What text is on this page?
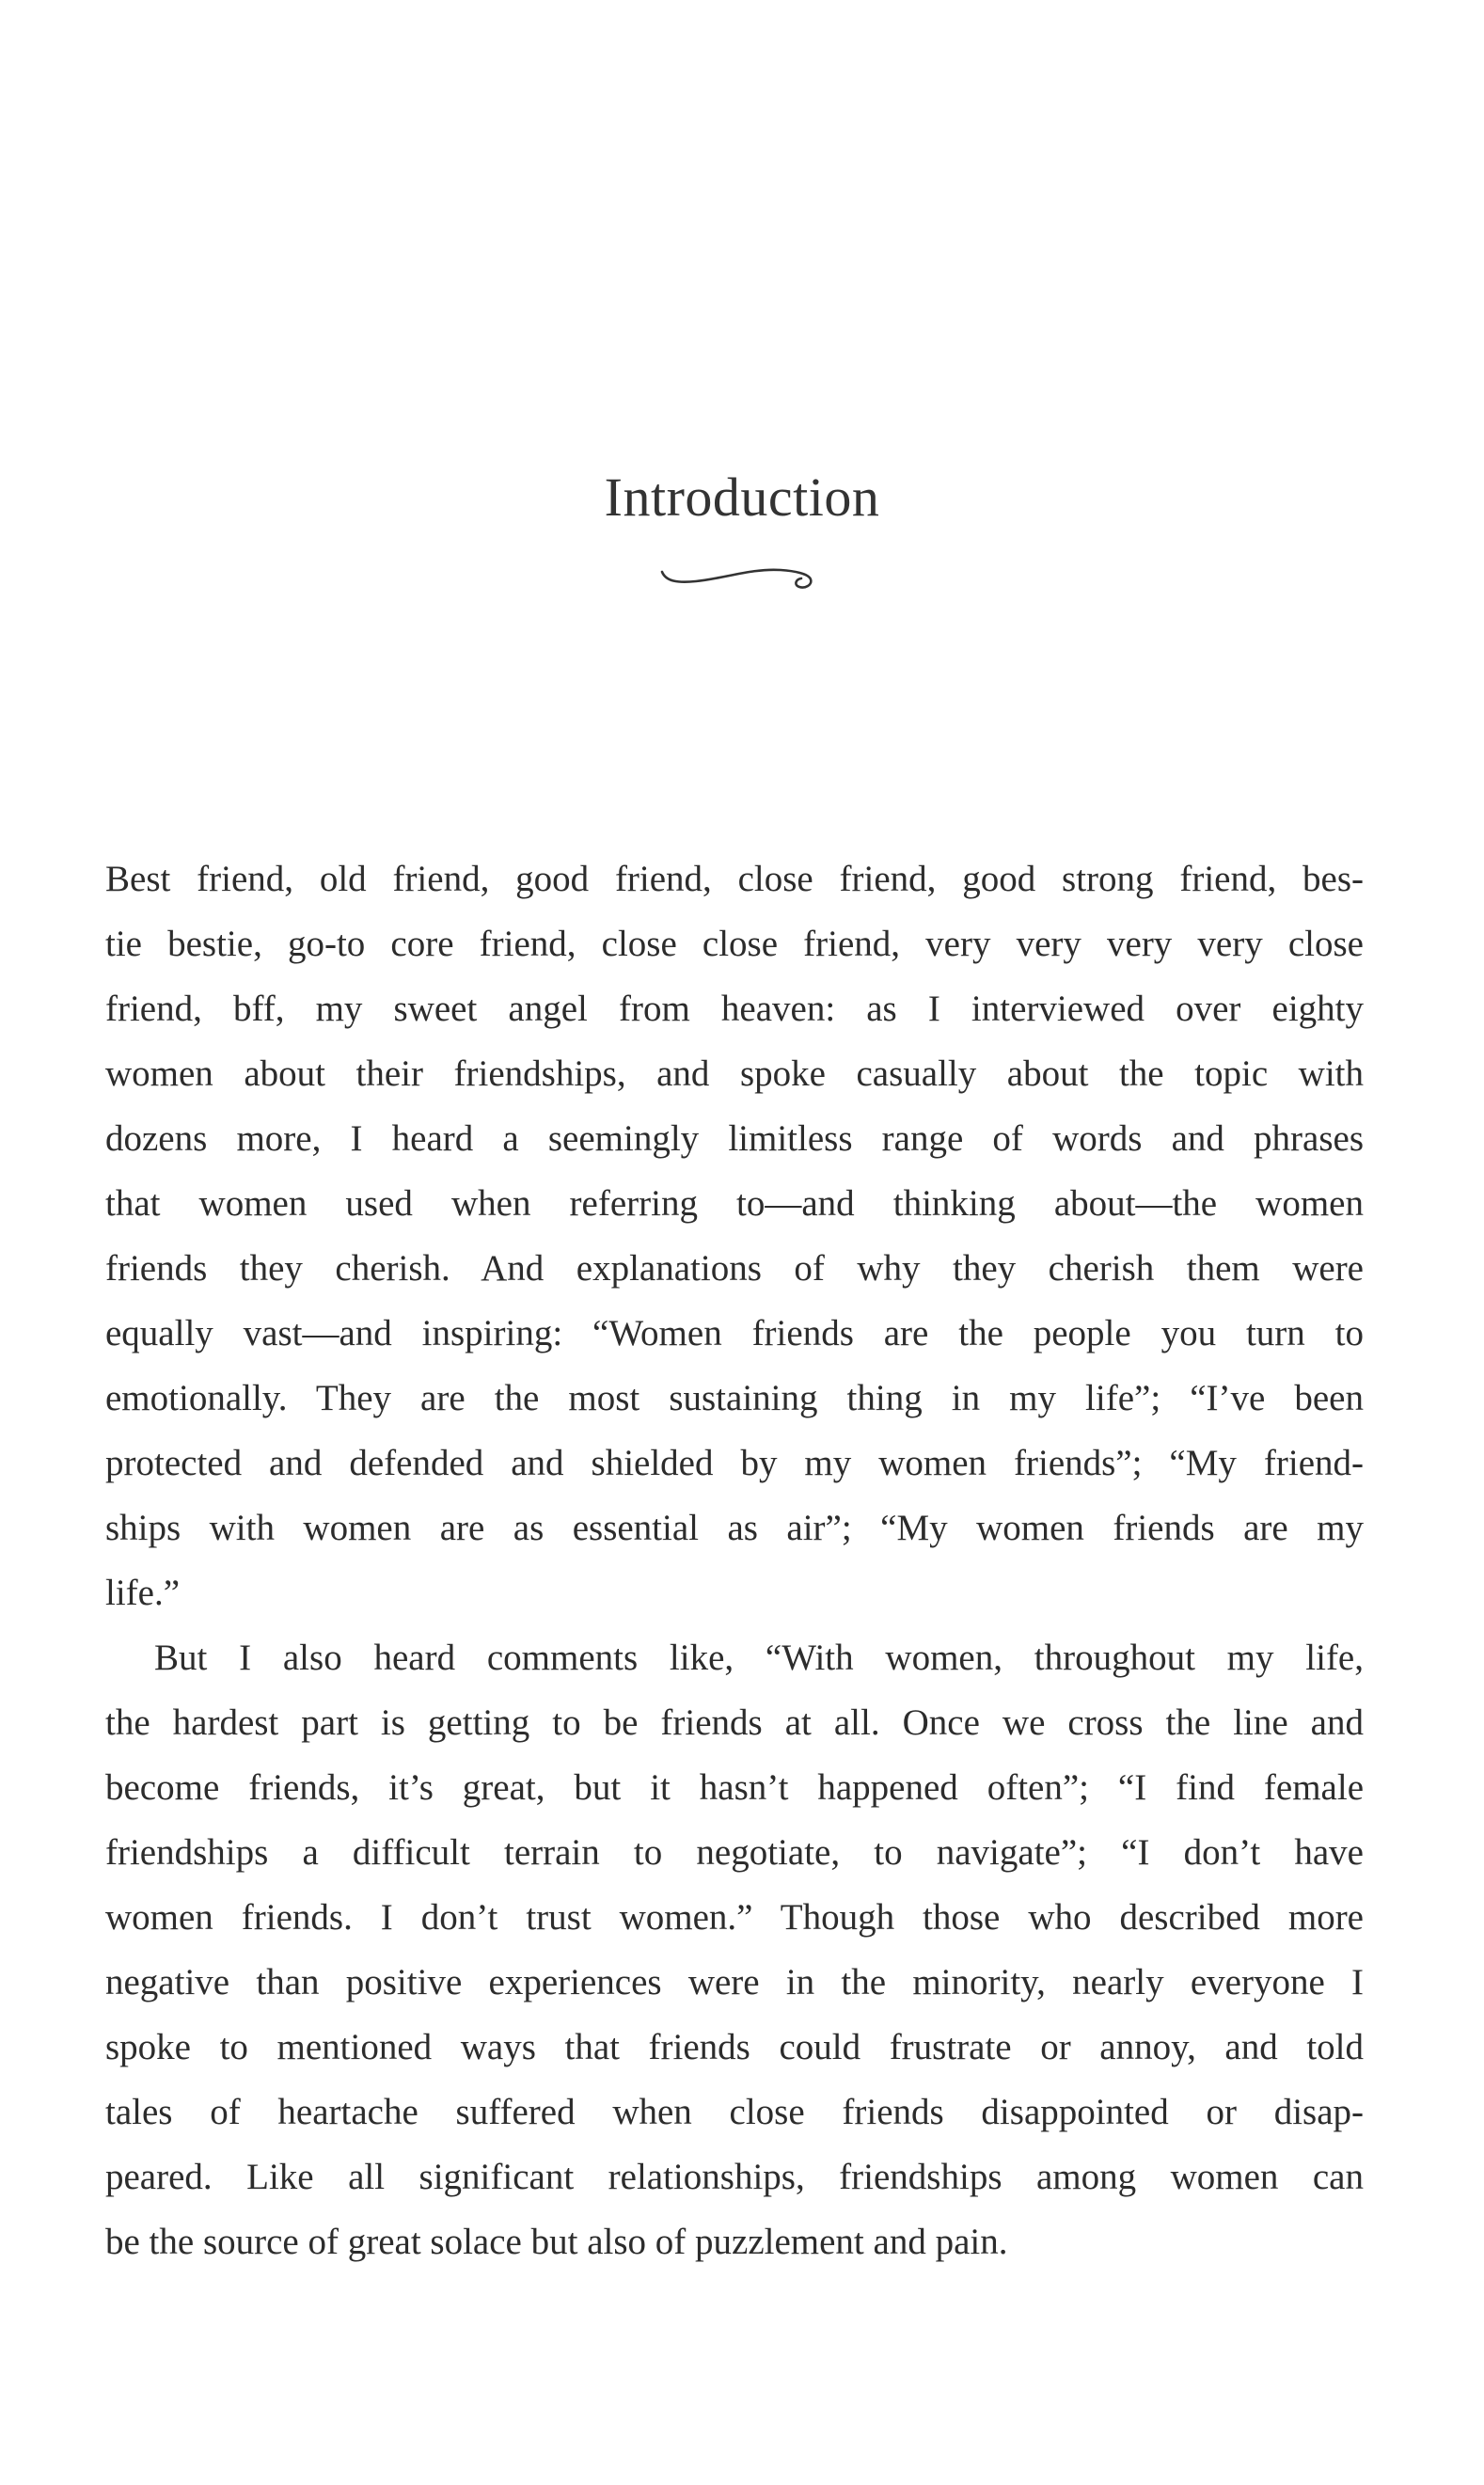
Introduction
Best friend, old friend, good friend, close friend, good strong friend, bes-
tie bestie, go-to core friend, close close friend, very very very very close
friend, bff, my sweet angel from heaven: as I interviewed over eighty
women about their friendships, and spoke casually about the topic with
dozens more, I heard a seemingly limitless range of words and phrases
that women used when referring to—and thinking about—the women
friends they cherish. And explanations of why they cherish them were
equally vast—and inspiring: “Women friends are the people you turn to
emotionally. They are the most sustaining thing in my life”; “I’ve been
protected and defended and shielded by my women friends”; “My friend-
ships with women are as essential as air”; “My women friends are my
life.”
But I also heard comments like, “With women, throughout my life,
the hardest part is getting to be friends at all. Once we cross the line and
become friends, it’s great, but it hasn’t happened often”; “I find female
friendships a difficult terrain to negotiate, to navigate”; “I don’t have
women friends. I don’t trust women.” Though those who described more
negative than positive experiences were in the minority, nearly everyone I
spoke to mentioned ways that friends could frustrate or annoy, and told
tales of heartache suffered when close friends disappointed or disap-
peared. Like all significant relationships, friendships among women can
be the source of great solace but also of puzzlement and pain.
